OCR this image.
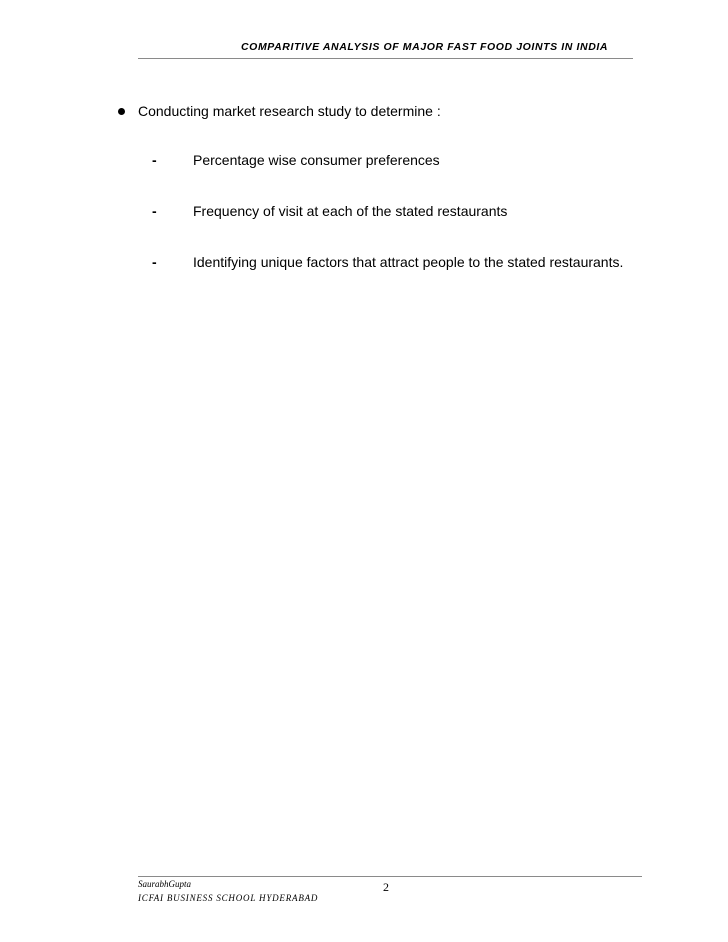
COMPARITIVE ANALYSIS OF MAJOR FAST FOOD JOINTS IN INDIA
Conducting market research study to determine :
-	Percentage wise consumer preferences
-	Frequency of visit at each of the stated restaurants
-	Identifying unique factors that attract people to the stated restaurants.
SaurabhGupta
ICFAI BUSINESS SCHOOL HYDERABAD
2
